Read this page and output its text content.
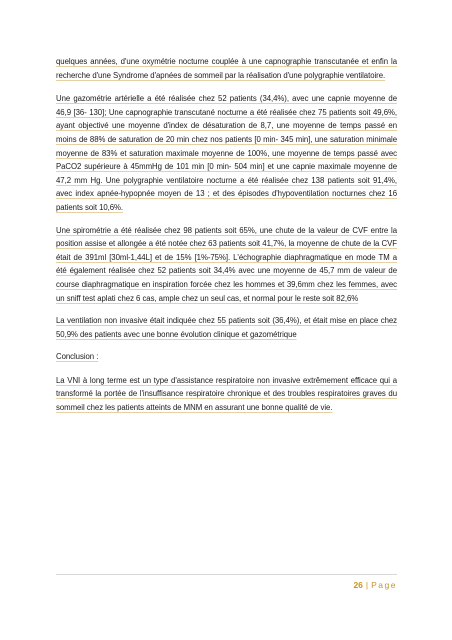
quelques années, d'une oxymétrie nocturne couplée à une capnographie transcutanée et enfin la recherche d'une Syndrome d'apnées de sommeil par la réalisation d'une polygraphie ventilatoire.

Une gazométrie artérielle a été réalisée chez 52 patients (34,4%), avec une capnie moyenne de 46,9 [36- 130]; Une capnographie transcutané nocturne a été réalisée chez 75 patients soit 49,6%, ayant objectivé une moyenne d'index de désaturation de 8,7, une moyenne de temps passé en moins de 88% de saturation de 20 min chez nos patients [0 min- 345 min], une saturation minimale moyenne de 83% et saturation maximale moyenne de 100%, une moyenne de temps passé avec PaCO2 supérieure à 45mmHg de 101 min [0 min- 504 min] et une capnie maximale moyenne de 47,2 mm Hg. Une polygraphie ventilatoire nocturne a été réalisée chez 138 patients soit 91,4%, avec index apnée-hypopnée moyen de 13 ; et des épisodes d'hypoventilation nocturnes chez 16 patients soit 10,6%.

Une spirométrie a été réalisée chez 98 patients soit 65%, une chute de la valeur de CVF entre la position assise et allongée a été notée chez 63 patients soit 41,7%, la moyenne de chute de la CVF était de 391ml [30ml-1,44L] et de 15% [1%-75%]. L'échographie diaphragmatique en mode TM a été également réalisée chez 52 patients soit 34,4% avec une moyenne de 45,7 mm de valeur de course diaphragmatique en inspiration forcée chez les hommes et 39,6mm chez les femmes, avec un sniff test aplati chez 6 cas, ample chez un seul cas, et normal pour le reste soit 82,6%

La ventilation non invasive était indiquée chez 55 patients soit (36,4%), et était mise en place chez 50,9% des patients avec une bonne évolution clinique et gazométrique

Conclusion :

La VNI à long terme est un type d'assistance respiratoire non invasive extrêmement efficace qui a transformé la portée de l'insuffisance respiratoire chronique et des troubles respiratoires graves du sommeil chez les patients atteints de MNM en assurant une bonne qualité de vie.

26 | Page
